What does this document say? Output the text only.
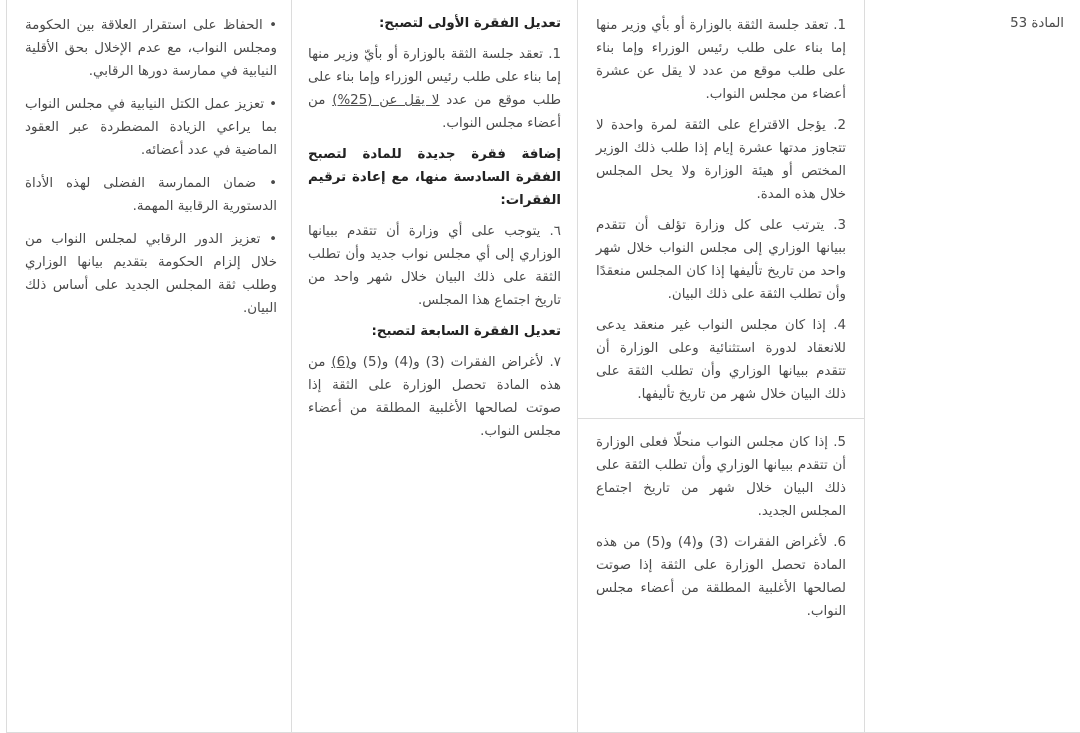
• الحفاظ على استقرار العلاقة بين الحكومة ومجلس النواب، مع عدم الإخلال بحق الأقلية النيابية في ممارسة دورها الرقابي.

• تعزيز عمل الكتل النيابية في مجلس النواب بما يراعي الزيادة المضطردة عبر العقود الماضية في عدد أعضائه.

• ضمان الممارسة الفضلى لهذه الأداة الدستورية الرقابية المهمة.

• تعزيز الدور الرقابي لمجلس النواب من خلال إلزام الحكومة بتقديم بيانها الوزاري وطلب ثقة المجلس الجديد على أساس ذلك البيان.

تعديل الفقرة الأولى لتصبح:

1. تعقد جلسة الثقة بالوزارة أو بأيّ وزير منها إما بناء على طلب رئيس الوزراء وإما بناء على طلب موقع من عدد لا يقل عن (25%) من أعضاء مجلس النواب.

إضافة فقرة جديدة للمادة لتصبح الفقرة السادسة منها، مع إعادة ترقيم الفقرات:

٦. يتوجب على أي وزارة أن تتقدم ببيانها الوزاري إلى أي مجلس نواب جديد وأن تطلب الثقة على ذلك البيان خلال شهر واحد من تاريخ اجتماع هذا المجلس.

تعديل الفقرة السابعة لتصبح:

٧. لأغراض الفقرات (3) و(4) و(5) و(6) من هذه المادة تحصل الوزارة على الثقة إذا صوتت لصالحها الأغلبية المطلقة من أعضاء مجلس النواب.

1. تعقد جلسة الثقة بالوزارة أو بأي وزير منها إما بناء على طلب رئيس الوزراء وإما بناء على طلب موقع من عدد لا يقل عن عشرة أعضاء من مجلس النواب.

2. يؤجل الاقتراع على الثقة لمرة واحدة لا تتجاوز مدتها عشرة إيام إذا طلب ذلك الوزير المختص أو هيئة الوزارة ولا يحل المجلس خلال هذه المدة.

3. يترتب على كل وزارة تؤلف أن تتقدم ببيانها الوزاري إلى مجلس النواب خلال شهر واحد من تاريخ تأليفها إذا كان المجلس منعقدًا وأن تطلب الثقة على ذلك البيان.

4. إذا كان مجلس النواب غير منعقد يدعى للانعقاد لدورة استثنائية وعلى الوزارة أن تتقدم ببيانها الوزاري وأن تطلب الثقة على ذلك البيان خلال شهر من تاريخ تأليفها.

5. إذا كان مجلس النواب منحلّا فعلى الوزارة أن تتقدم ببيانها الوزاري وأن تطلب الثقة على ذلك البيان خلال شهر من تاريخ اجتماع المجلس الجديد.

6. لأغراض الفقرات (3) و(4) و(5) من هذه المادة تحصل الوزارة على الثقة إذا صوتت لصالحها الأغلبية المطلقة من أعضاء مجلس النواب.

	المادة 53
